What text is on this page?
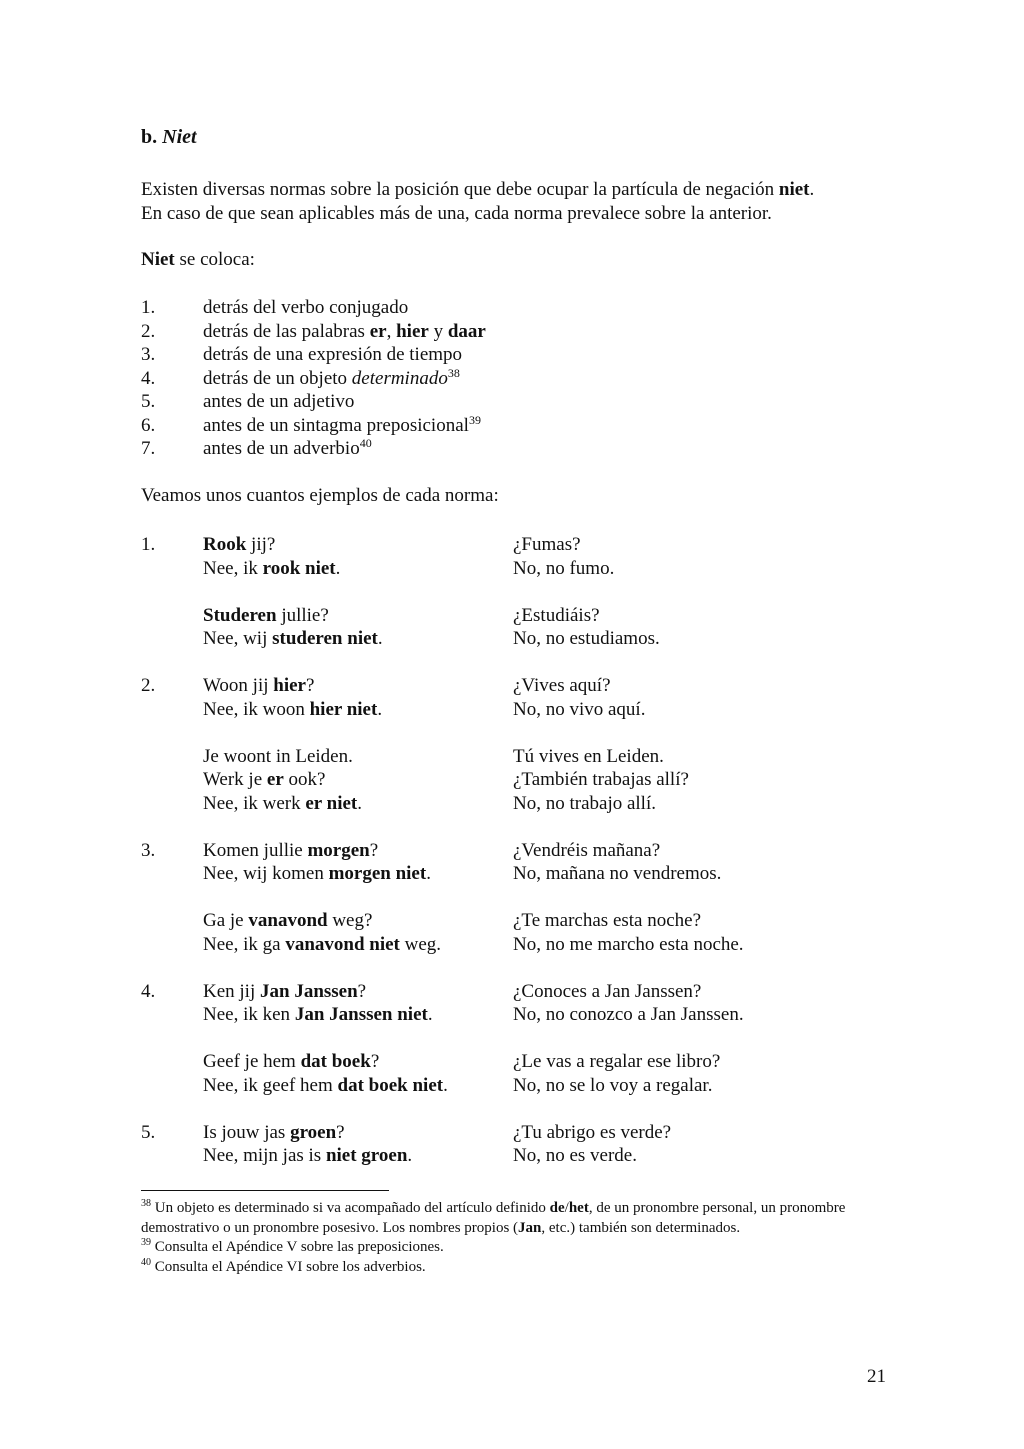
b. Niet

Existen diversas normas sobre la posición que debe ocupar la partícula de negación niet.

En caso de que sean aplicables más de una, cada norma prevalece sobre la anterior.

Niet se coloca:
1.	detrás del verbo conjugado
2.	detrás de las palabras er, hier y daar
3.	detrás de una expresión de tiempo
4.	detrás de un objeto determinado$^{38}$
5.	antes de un adjetivo
6.	antes de un sintagma preposicional$^{39}$
7.	antes de un adverbio$^{40}$
Veamos unos cuantos ejemplos de cada norma:
1.	Rook jij?	¿Fumas?
Nee, ik rook niet.	No, no fumo.
Studeren jullie?	¿Estudiáis?
Nee, wij studeren niet.	No, no estudiamos.
2.	Woon jij hier?	¿Vives aquí?
Nee, ik woon hier niet.	No, no vivo aquí.
Je woont in Leiden.	Tú vives en Leiden.
Werk je er ook?	¿También trabajas allí?
Nee, ik werk er niet.	No, no trabajo allí.
3.	Komen jullie morgen?	¿Vendréis mañana?
Nee, wij komen morgen niet.	No, mañana no vendremos.
Ga je vanavond weg?	¿Te marchas esta noche?
Nee, ik ga vanavond niet weg.	No, no me marcho esta noche.
4.	Ken jij Jan Janssen?	¿Conoces a Jan Janssen?
Nee, ik ken Jan Janssen niet.	No, no conozco a Jan Janssen.
Geef je hem dat boek?	¿Le vas a regalar ese libro?
Nee, ik geef hem dat boek niet.	No, no se lo voy a regalar.
5.	Is jouw jas groen?	¿Tu abrigo es verde?
Nee, mijn jas is niet groen.	No, no es verde.

$^{38}$ Un objeto es determinado si va acompañado del artículo definido de/het, de un pronombre personal, un pronombre demostrativo o un pronombre posesivo. Los nombres propios (Jan, etc.) también son determinados.

$^{39}$ Consulta el Apéndice V sobre las preposiciones.

$^{40}$ Consulta el Apéndice VI sobre los adverbios.

21
